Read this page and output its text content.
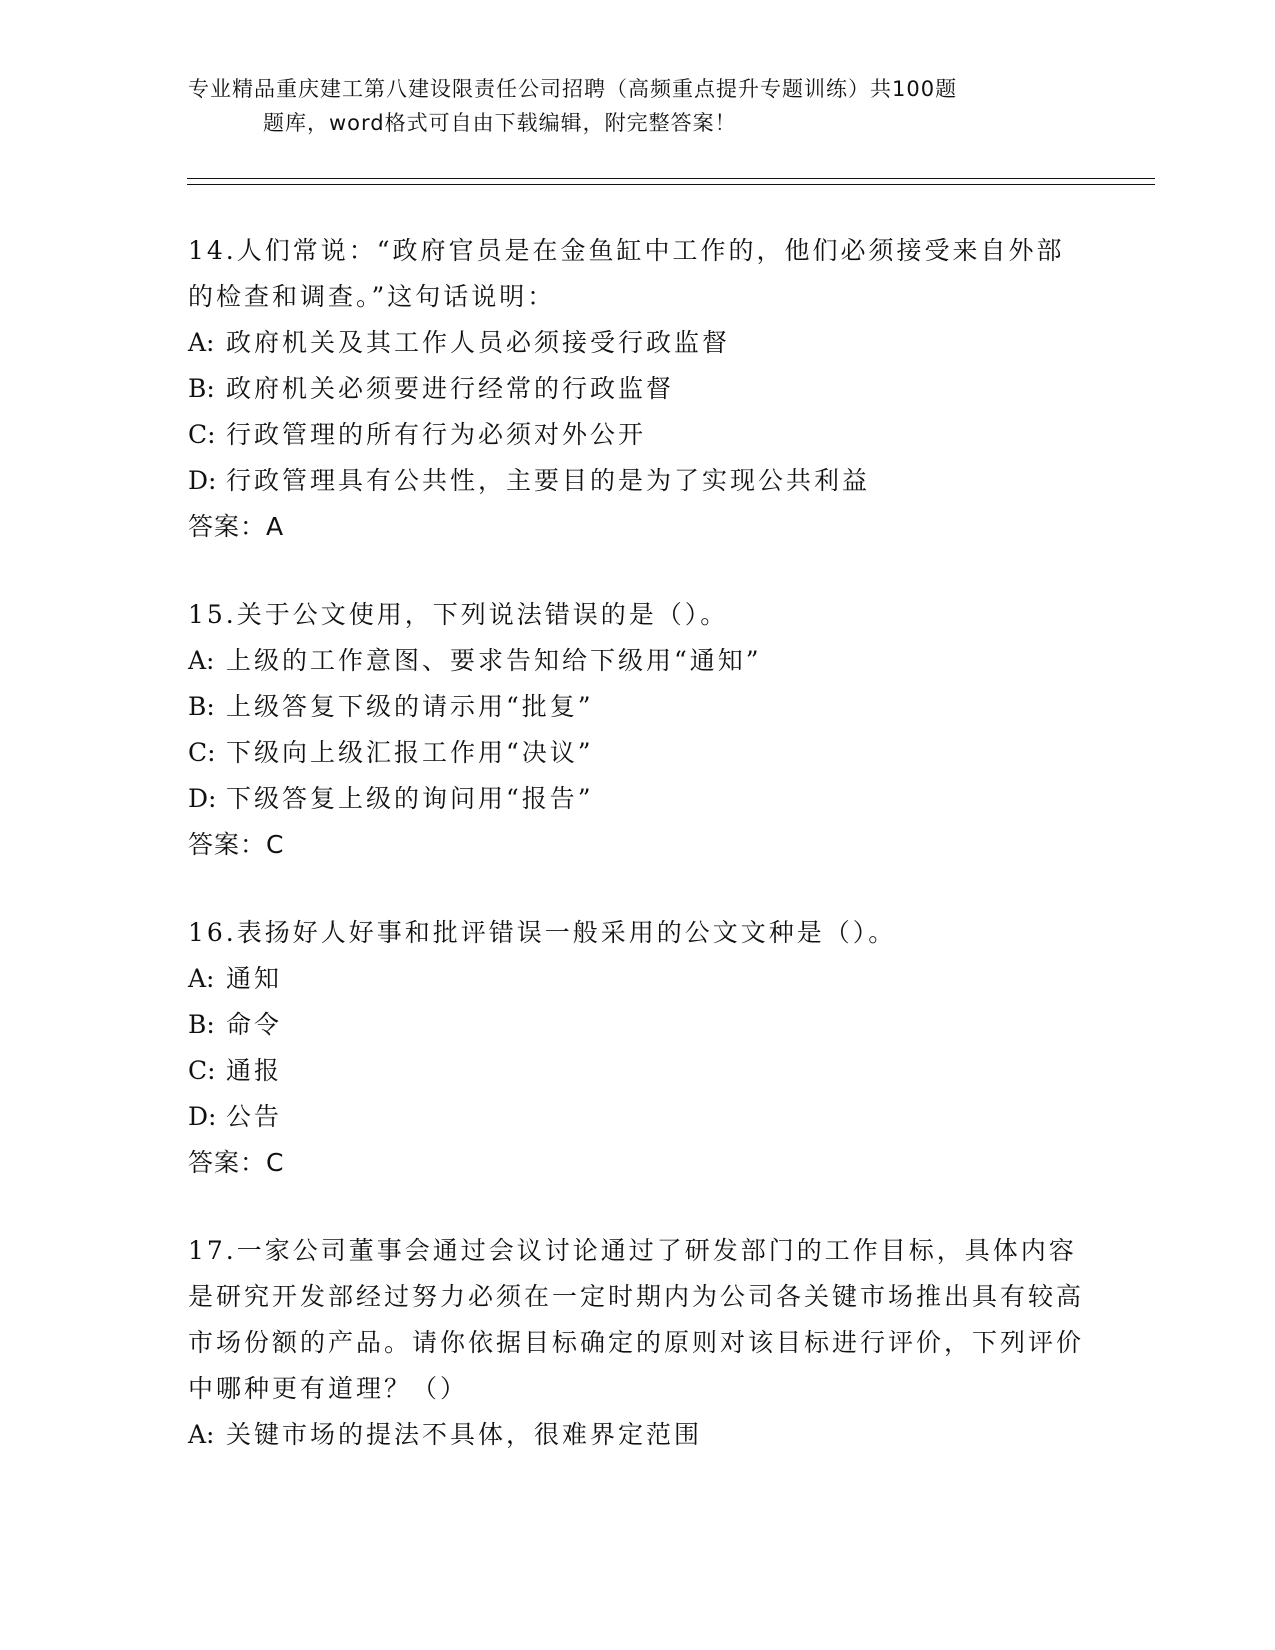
专业精品重庆建工第八建设限责任公司招聘（高频重点提升专题训练）共100题
题库，word格式可自由下载编辑，附完整答案！
14.人们常说：“政府官员是在金鱼缸中工作的，他们必须接受来自外部的检查和调查。”这句话说明：
A: 政府机关及其工作人员必须接受行政监督
B: 政府机关必须要进行经常的行政监督
C: 行政管理的所有行为必须对外公开
D: 行政管理具有公共性，主要目的是为了实现公共利益
答案：A
15.关于公文使用，下列说法错误的是（）。
A: 上级的工作意图、要求告知给下级用“通知”
B: 上级答复下级的请示用“批复”
C: 下级向上级汇报工作用“决议”
D: 下级答复上级的询问用“报告”
答案：C
16.表扬好人好事和批评错误一般采用的公文文种是（）。
A: 通知
B: 命令
C: 通报
D: 公告
答案：C
17.一家公司董事会通过会议讨论通过了研发部门的工作目标，具体内容是研究开发部经过努力必须在一定时期内为公司各关键市场推出具有较高市场份额的产品。请你依据目标确定的原则对该目标进行评价，下列评价中哪种更有道理？（）
A: 关键市场的提法不具体，很难界定范围
